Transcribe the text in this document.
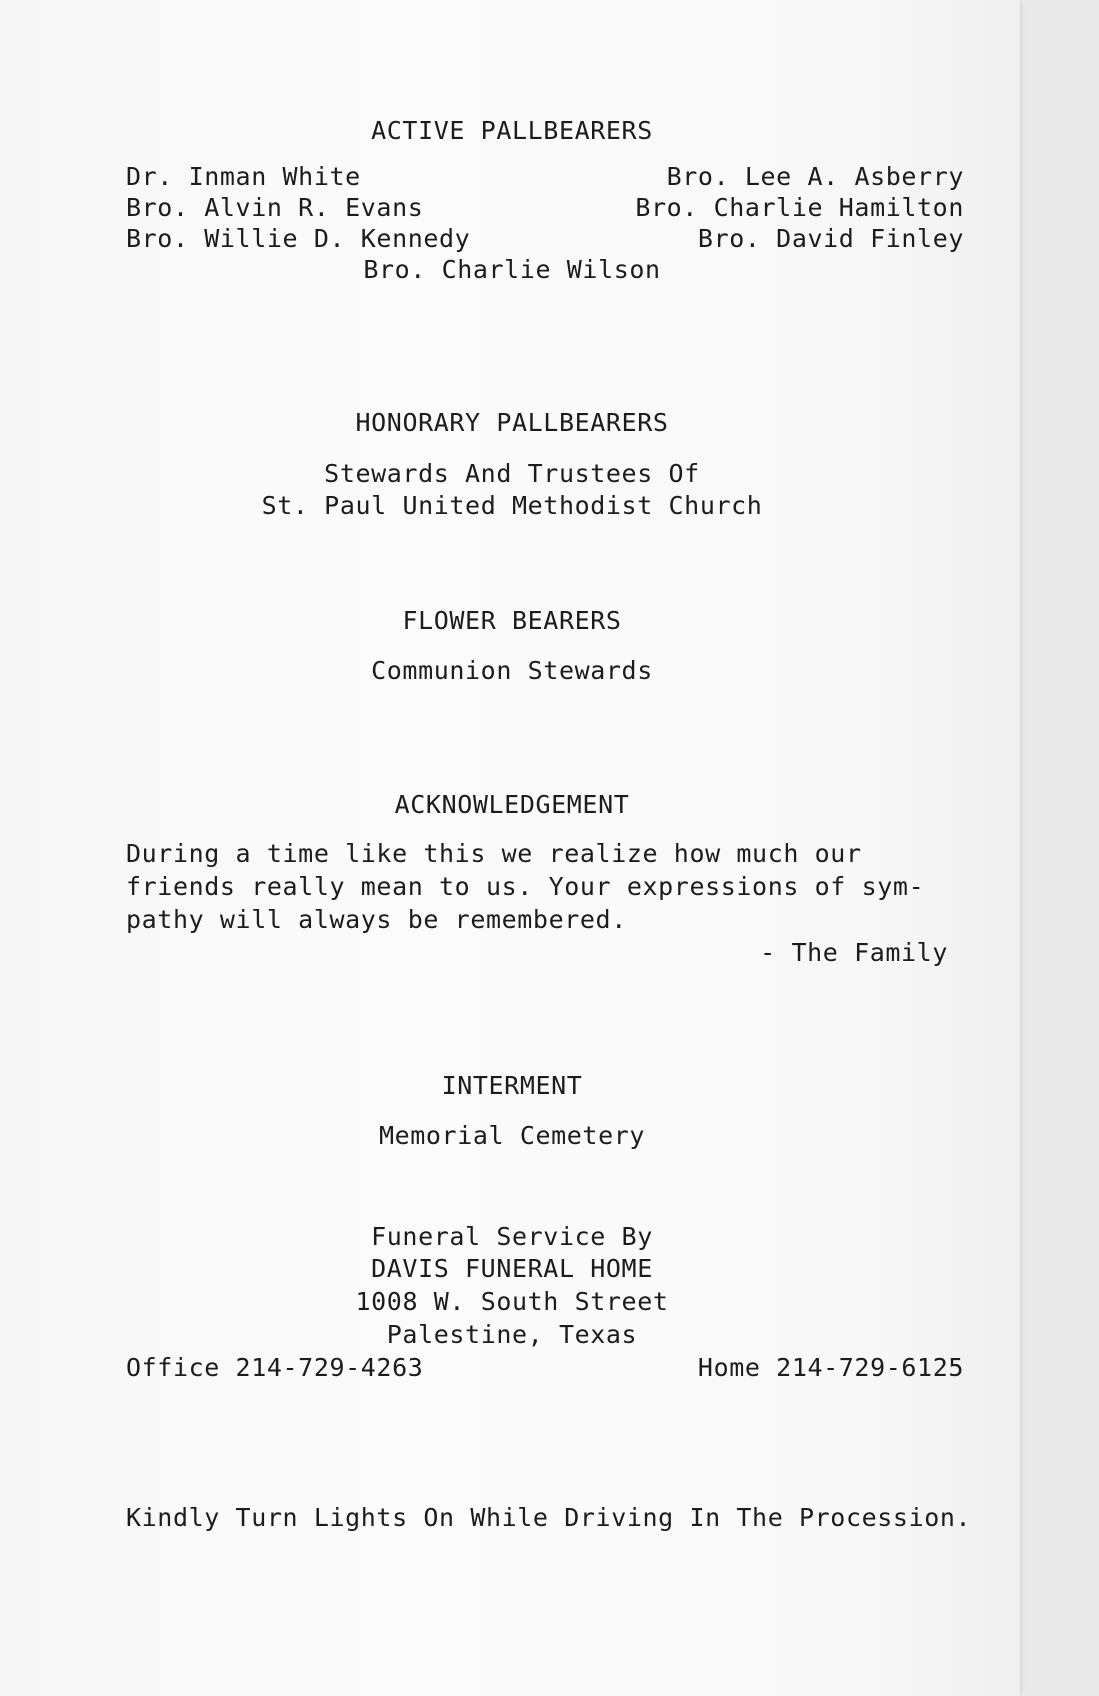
ACTIVE PALLBEARERS
Dr. Inman White
Bro. Alvin R. Evans
Bro. Willie D. Kennedy
Bro. Lee A. Asberry
Bro. Charlie Hamilton
Bro. David Finley
Bro. Charlie Wilson
HONORARY PALLBEARERS
Stewards And Trustees Of
St. Paul United Methodist Church
FLOWER BEARERS
Communion Stewards
ACKNOWLEDGEMENT
During a time like this we realize how much our
friends really mean to us. Your expressions of sym-
pathy will always be remembered.
- The Family
INTERMENT
Memorial Cemetery
Funeral Service By
DAVIS FUNERAL HOME
1008 W. South Street
Palestine, Texas
Office 214-729-4263	Home 214-729-6125
Kindly Turn Lights On While Driving In The Procession.
